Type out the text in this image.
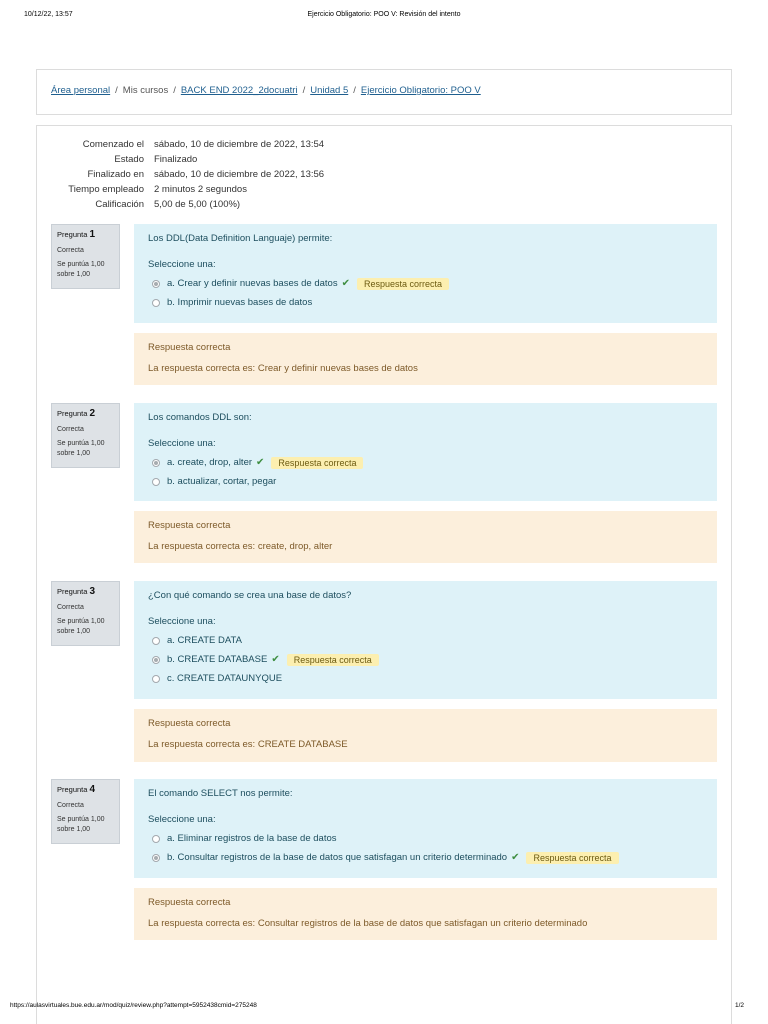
10/12/22, 13:57	Ejercicio Obligatorio: POO V: Revisión del intento
Área personal / Mis cursos / BACK END 2022_2docuatri / Unidad 5 / Ejercicio Obligatorio: POO V
Comenzado el sábado, 10 de diciembre de 2022, 13:54
Estado Finalizado
Finalizado en sábado, 10 de diciembre de 2022, 13:56
Tiempo empleado 2 minutos 2 segundos
Calificación 5,00 de 5,00 (100%)
Pregunta 1
Correcta
Se puntúa 1,00
sobre 1,00
Los DDL(Data Definition Languaje) permite:
Seleccione una:
a. Crear y definir nuevas bases de datos ✔	Respuesta correcta
b. Imprimir nuevas bases de datos
Respuesta correcta
La respuesta correcta es: Crear y definir nuevas bases de datos
Pregunta 2
Correcta
Se puntúa 1,00
sobre 1,00
Los comandos DDL son:
Seleccione una:
a. create, drop, alter ✔	Respuesta correcta
b. actualizar, cortar, pegar
Respuesta correcta
La respuesta correcta es: create, drop, alter
Pregunta 3
Correcta
Se puntúa 1,00
sobre 1,00
¿Con qué comando se crea una base de datos?
Seleccione una:
a. CREATE DATA
b. CREATE DATABASE ✔	Respuesta correcta
c. CREATE DATAUNYQUE
Respuesta correcta
La respuesta correcta es: CREATE DATABASE
Pregunta 4
Correcta
Se puntúa 1,00
sobre 1,00
El comando SELECT nos permite:
Seleccione una:
a. Eliminar registros de la base de datos
b. Consultar registros de la base de datos que satisfagan un criterio determinado ✔	Respuesta correcta
Respuesta correcta
La respuesta correcta es: Consultar registros de la base de datos que satisfagan un criterio determinado
https://aulasvirtuales.bue.edu.ar/mod/quiz/review.php?attempt=5952438cmid=275248	1/2
